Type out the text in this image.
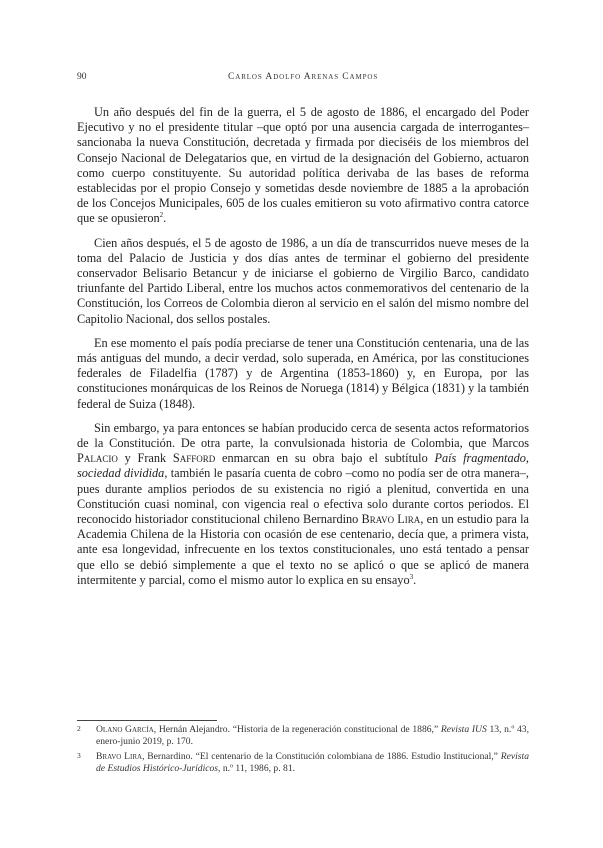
90	Carlos Adolfo Arenas Campos

Un año después del fin de la guerra, el 5 de agosto de 1886, el encargado del Poder Ejecutivo y no el presidente titular –que optó por una ausencia cargada de interrogantes– sancionaba la nueva Constitución, decretada y firmada por dieciséis de los miembros del Consejo Nacional de Delegatarios que, en virtud de la designación del Gobierno, actuaron como cuerpo constituyente. Su autoridad política derivaba de las bases de reforma establecidas por el propio Consejo y sometidas desde noviembre de 1885 a la aprobación de los Concejos Municipales, 605 de los cuales emitieron su voto afirmativo contra catorce que se opusieron$^2$.

Cien años después, el 5 de agosto de 1986, a un día de transcurridos nueve meses de la toma del Palacio de Justicia y dos días antes de terminar el gobierno del presidente conservador Belisario Betancur y de iniciarse el gobierno de Virgilio Barco, candidato triunfante del Partido Liberal, entre los muchos actos conmemorativos del centenario de la Constitución, los Correos de Colombia dieron al servicio en el salón del mismo nombre del Capitolio Nacional, dos sellos postales.

En ese momento el país podía preciarse de tener una Constitución centenaria, una de las más antiguas del mundo, a decir verdad, solo superada, en América, por las constituciones federales de Filadelfia (1787) y de Argentina (1853-1860) y, en Europa, por las constituciones monárquicas de los Reinos de Noruega (1814) y Bélgica (1831) y la también federal de Suiza (1848).

Sin embargo, ya para entonces se habían producido cerca de sesenta actos reformatorios de la Constitución. De otra parte, la convulsionada historia de Colombia, que Marcos Palacio y Frank Safford enmarcan en su obra bajo el subtítulo País fragmentado, sociedad dividida, también le pasaría cuenta de cobro –como no podía ser de otra manera–, pues durante amplios periodos de su existencia no rigió a plenitud, convertida en una Constitución cuasi nominal, con vigencia real o efectiva solo durante cortos periodos. El reconocido historiador constitucional chileno Bernardino Bravo Lira, en un estudio para la Academia Chilena de la Historia con ocasión de ese centenario, decía que, a primera vista, ante esa longevidad, infrecuente en los textos constitucionales, uno está tentado a pensar que ello se debió simplemente a que el texto no se aplicó o que se aplicó de manera intermitente y parcial, como el mismo autor lo explica en su ensayo$^3$.

2 Olano García, Hernán Alejandro. “Historia de la regeneración constitucional de 1886,” Revista IUS 13, n.º 43, enero-junio 2019, p. 170.
3 Bravo Lira, Bernardino. “El centenario de la Constitución colombiana de 1886. Estudio Institucional,” Revista de Estudios Histórico-Jurídicos, n.º 11, 1986, p. 81.
